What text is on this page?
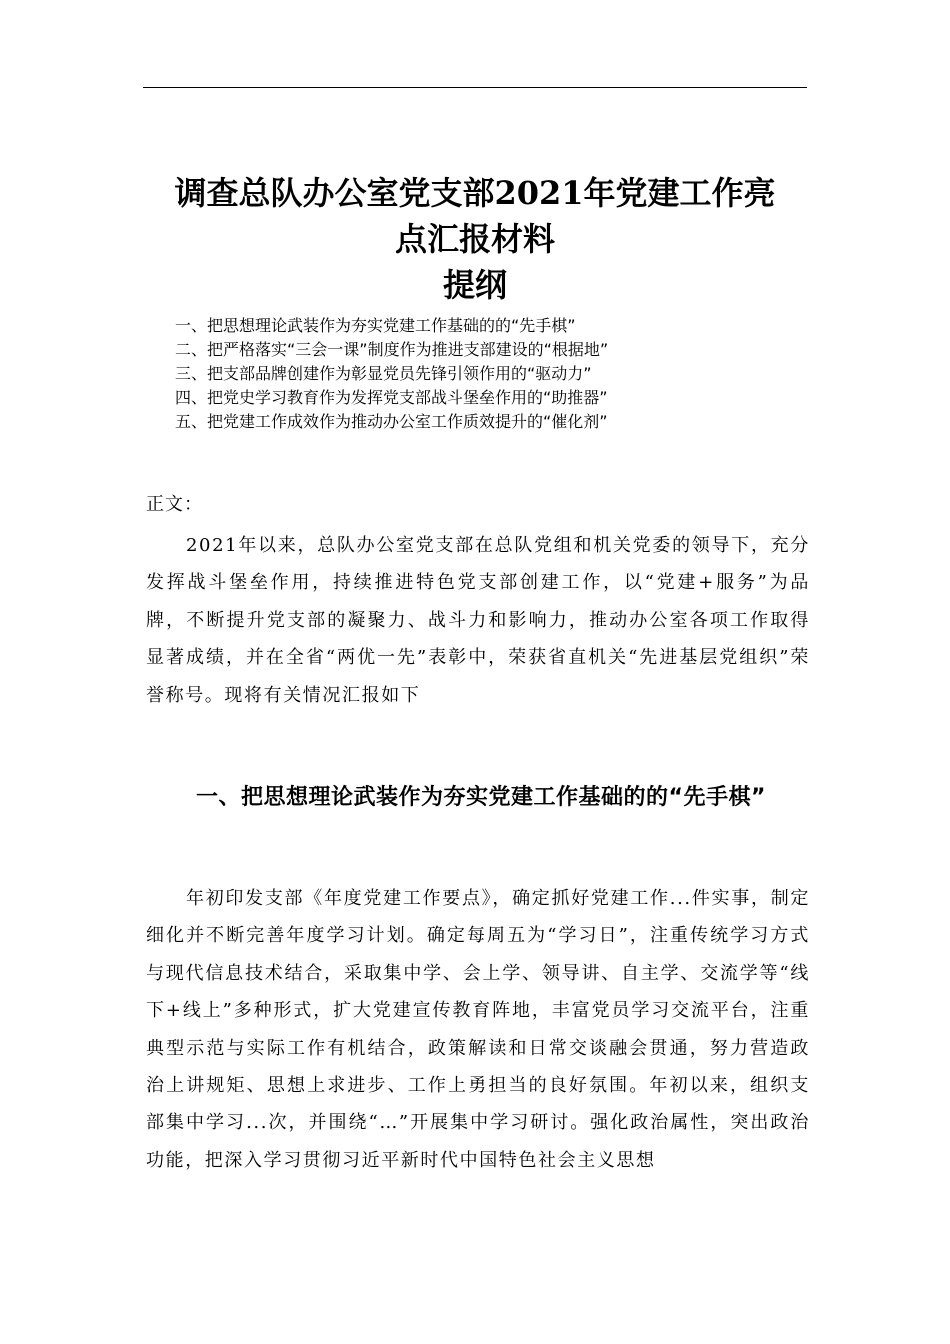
调查总队办公室党支部2021年党建工作亮
点汇报材料
提纲
一、把思想理论武装作为夯实党建工作基础的的“先手棋”
二、把严格落实“三会一课”制度作为推进支部建设的“根据地”
三、把支部品牌创建作为彰显党员先锋引领作用的“驱动力”
四、把党史学习教育作为发挥党支部战斗堡垒作用的“助推器”
五、把党建工作成效作为推动办公室工作质效提升的“催化剂”

正文：

2021年以来，总队办公室党支部在总队党组和机关党委的领导下，充分发挥战斗堡垒作用，持续推进特色党支部创建工作，以“党建+服务”为品牌，不断提升党支部的凝聚力、战斗力和影响力，推动办公室各项工作取得显著成绩，并在全省“两优一先”表彰中，荣获省直机关“先进基层党组织”荣誉称号。现将有关情况汇报如下

一、把思想理论武装作为夯实党建工作基础的的“先手棋”

年初印发支部《年度党建工作要点》，确定抓好党建工作...件实事，制定细化并不断完善年度学习计划。确定每周五为“学习日”，注重传统学习方式与现代信息技术结合，采取集中学、会上学、领导讲、自主学、交流学等“线下+线上”多种形式，扩大党建宣传教育阵地，丰富党员学习交流平台，注重典型示范与实际工作有机结合，政策解读和日常交谈融会贯通，努力营造政治上讲规矩、思想上求进步、工作上勇担当的良好氛围。年初以来，组织支部集中学习...次，并围绕“…”开展集中学习研讨。强化政治属性，突出政治功能，把深入学习贯彻习近平新时代中国特色社会主义思想
